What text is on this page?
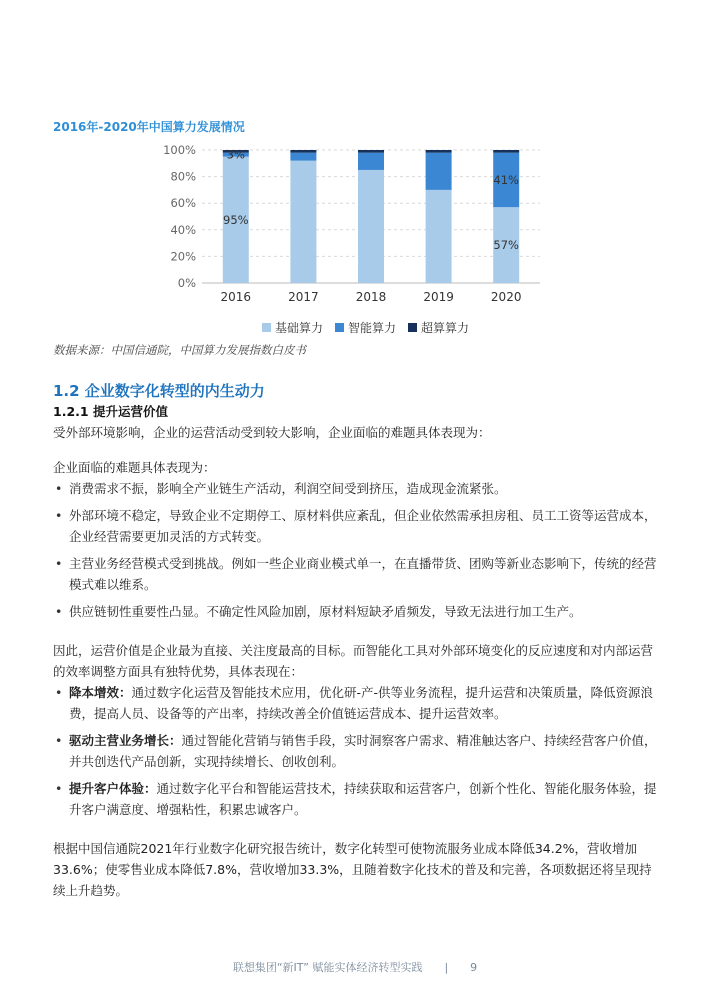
2016年-2020年中国算力发展情况
0%
20%
40%
60%
80%
100%
2016	2017	2018	2019	2020
95%
3%
57%
41%
基础算力 智能算力 超算算力
数据来源：中国信通院，中国算力发展指数白皮书
1.2 企业数字化转型的内生动力
1.2.1 提升运营价值

受外部环境影响，企业的运营活动受到较大影响，企业面临的难题具体表现为：

企业面临的难题具体表现为：

• 消费需求不振，影响全产业链生产活动，利润空间受到挤压，造成现金流紧张。
• 外部环境不稳定，导致企业不定期停工、原材料供应紊乱，但企业依然需承担房租、员工工资等运营成本，企业经营需要更加灵活的方式转变。
• 主营业务经营模式受到挑战。例如一些企业商业模式单一，在直播带货、团购等新业态影响下，传统的经营模式难以维系。
• 供应链韧性重要性凸显。不确定性风险加剧，原材料短缺矛盾频发，导致无法进行加工生产。

因此，运营价值是企业最为直接、关注度最高的目标。而智能化工具对外部环境变化的反应速度和对内部运营的效率调整方面具有独特优势，具体表现在：

• 降本增效：通过数字化运营及智能技术应用，优化研-产-供等业务流程，提升运营和决策质量，降低资源浪费，提高人员、设备等的产出率，持续改善全价值链运营成本、提升运营效率。
• 驱动主营业务增长：通过智能化营销与销售手段，实时洞察客户需求、精准触达客户、持续经营客户价值，并共创迭代产品创新，实现持续增长、创收创利。
• 提升客户体验：通过数字化平台和智能运营技术，持续获取和运营客户，创新个性化、智能化服务体验，提升客户满意度、增强粘性，积累忠诚客户。

根据中国信通院2021年行业数字化研究报告统计，数字化转型可使物流服务业成本降低34.2%，营收增加33.6%；使零售业成本降低7.8%，营收增加33.3%，且随着数字化技术的普及和完善，各项数据还将呈现持续上升趋势。

联想集团“新IT” 赋能实体经济转型实践 | 9
